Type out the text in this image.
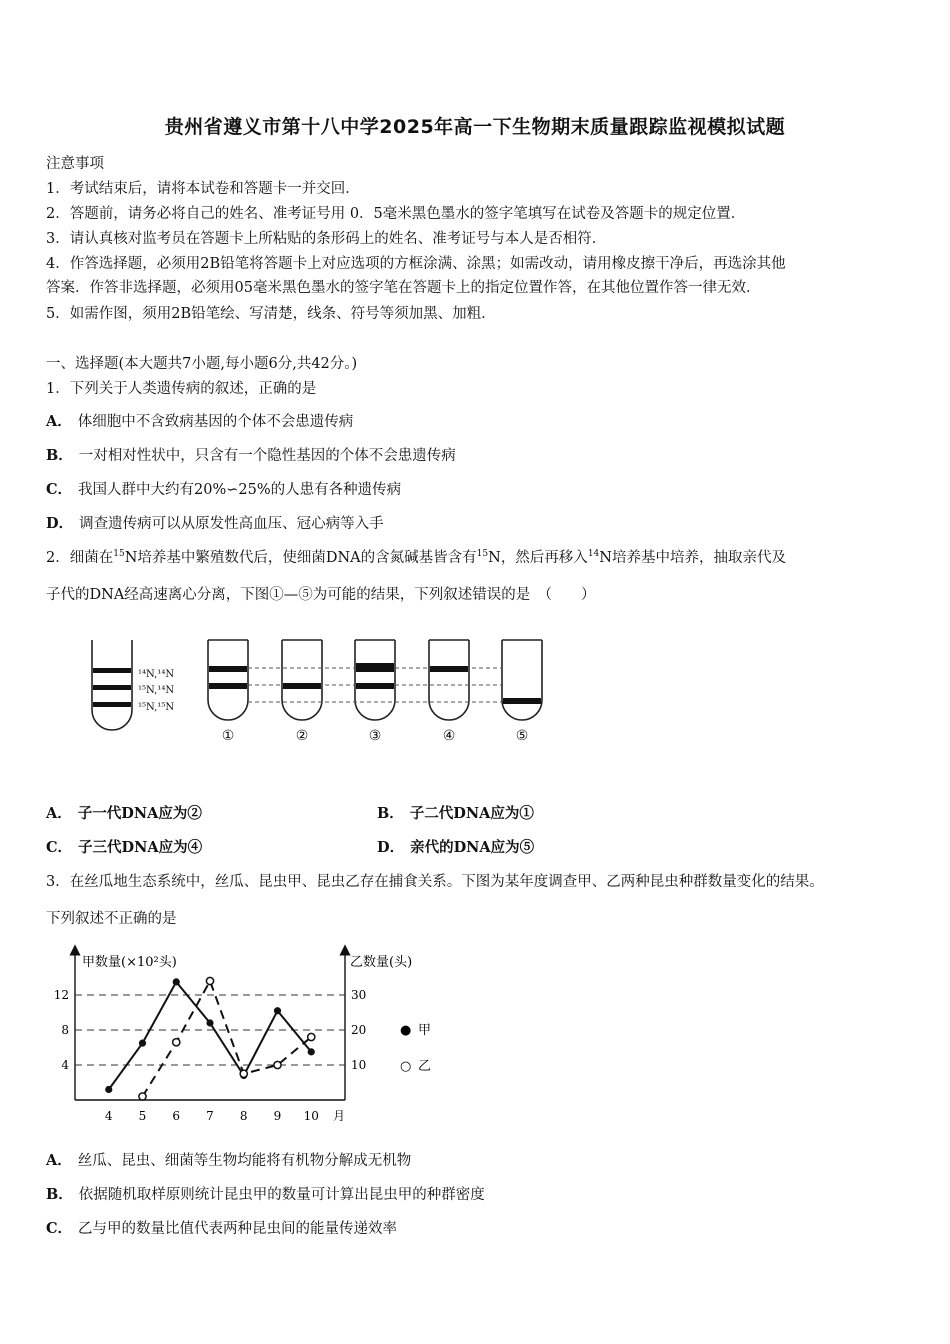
贵州省遵义市第十八中学2025年高一下生物期末质量跟踪监视模拟试题
注意事项
1．考试结束后，请将本试卷和答题卡一并交回．
2．答题前，请务必将自己的姓名、准考证号用 0．5毫米黑色墨水的签字笔填写在试卷及答题卡的规定位置．
3．请认真核对监考员在答题卡上所粘贴的条形码上的姓名、准考证号与本人是否相符．
4．作答选择题，必须用2B铅笔将答题卡上对应选项的方框涂满、涂黑；如需改动，请用橡皮擦干净后，再选涂其他
答案．作答非选择题，必须用05毫米黑色墨水的签字笔在答题卡上的指定位置作答，在其他位置作答一律无效．
5．如需作图，须用2B铅笔绘、写清楚，线条、符号等须加黑、加粗．
一、选择题(本大题共7小题,每小题6分,共42分。)
1．下列关于人类遗传病的叙述，正确的是
A． 体细胞中不含致病基因的个体不会患遗传病
B． 一对相对性状中，只含有一个隐性基因的个体不会患遗传病
C． 我国人群中大约有20%∽25%的人患有各种遗传病
D． 调查遗传病可以从原发性高血压、冠心病等入手
2．细菌在$^{15}$N培养基中繁殖数代后，使细菌DNA的含氮碱基皆含有$^{15}$N，然后再移入$^{14}$N培养基中培养，抽取亲代及
子代的DNA经高速离心分离，下图①—⑤为可能的结果，下列叙述错误的是　（　　）
¹⁴N,¹⁴N
¹⁵N,¹⁴N
¹⁵N,¹⁵N
①	②	③	④	⑤
A． 子一代DNA应为②	B． 子二代DNA应为①
C． 子三代DNA应为④	D． 亲代的DNA应为⑤
3．在丝瓜地生态系统中，丝瓜、昆虫甲、昆虫乙存在捕食关系。下图为某年度调查甲、乙两种昆虫种群数量变化的结果。
下列叙述不正确的是
甲数量(×10²头)	乙数量(头)
4
8
12
10
20
30
4 5 6 7 8 9 10 月
● 甲
○ 乙
A． 丝瓜、昆虫、细菌等生物均能将有机物分解成无机物
B． 依据随机取样原则统计昆虫甲的数量可计算出昆虫甲的种群密度
C． 乙与甲的数量比值代表两种昆虫间的能量传递效率
